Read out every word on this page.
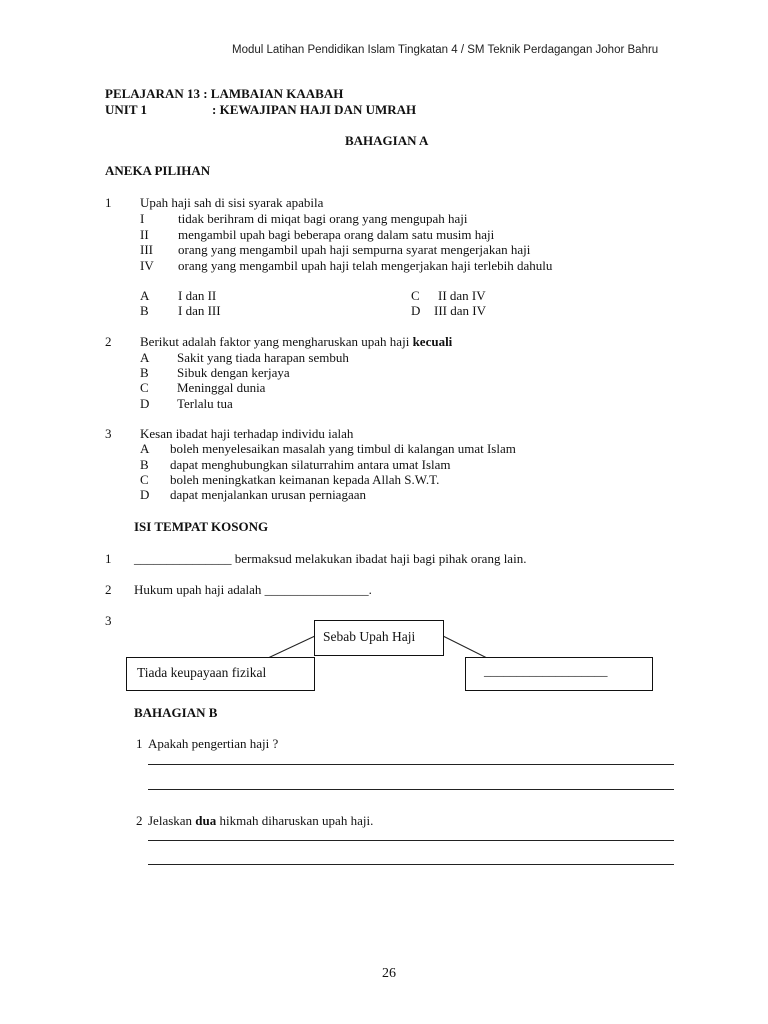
Modul Latihan Pendidikan Islam Tingkatan 4 / SM Teknik Perdagangan Johor Bahru
PELAJARAN 13 : LAMBAIAN KAABAH
UNIT 1	: KEWAJIPAN HAJI DAN UMRAH
BAHAGIAN A
ANEKA PILIHAN
1 Upah haji sah di sisi syarak apabila
I	tidak berihram di miqat bagi orang yang mengupah haji
II mengambil upah bagi beberapa orang dalam satu musim haji
III orang yang mengambil upah haji sempurna syarat mengerjakan haji
IV orang yang mengambil upah haji telah mengerjakan haji terlebih dahulu
A I dan II
B I dan III
C II dan IV
D III dan IV
2 Berikut adalah faktor yang mengharuskan upah haji kecuali
A Sakit yang tiada harapan sembuh
B Sibuk dengan kerjaya
C Meninggal dunia
D Terlalu tua
3 Kesan ibadat haji terhadap individu ialah
A boleh menyelesaikan masalah yang timbul di kalangan umat Islam
B dapat menghubungkan silaturrahim antara umat Islam
C boleh meningkatkan keimanan kepada Allah S.W.T.
D dapat menjalankan urusan perniagaan
ISI TEMPAT KOSONG
1 _______________ bermaksud melakukan ibadat haji bagi pihak orang lain.
2 Hukum upah haji adalah ________________.
3
Sebab Upah Haji
Tiada keupayaan fizikal	___________________
BAHAGIAN B
1 Apakah pengertian haji ?
2 Jelaskan dua hikmah diharuskan upah haji.
26
